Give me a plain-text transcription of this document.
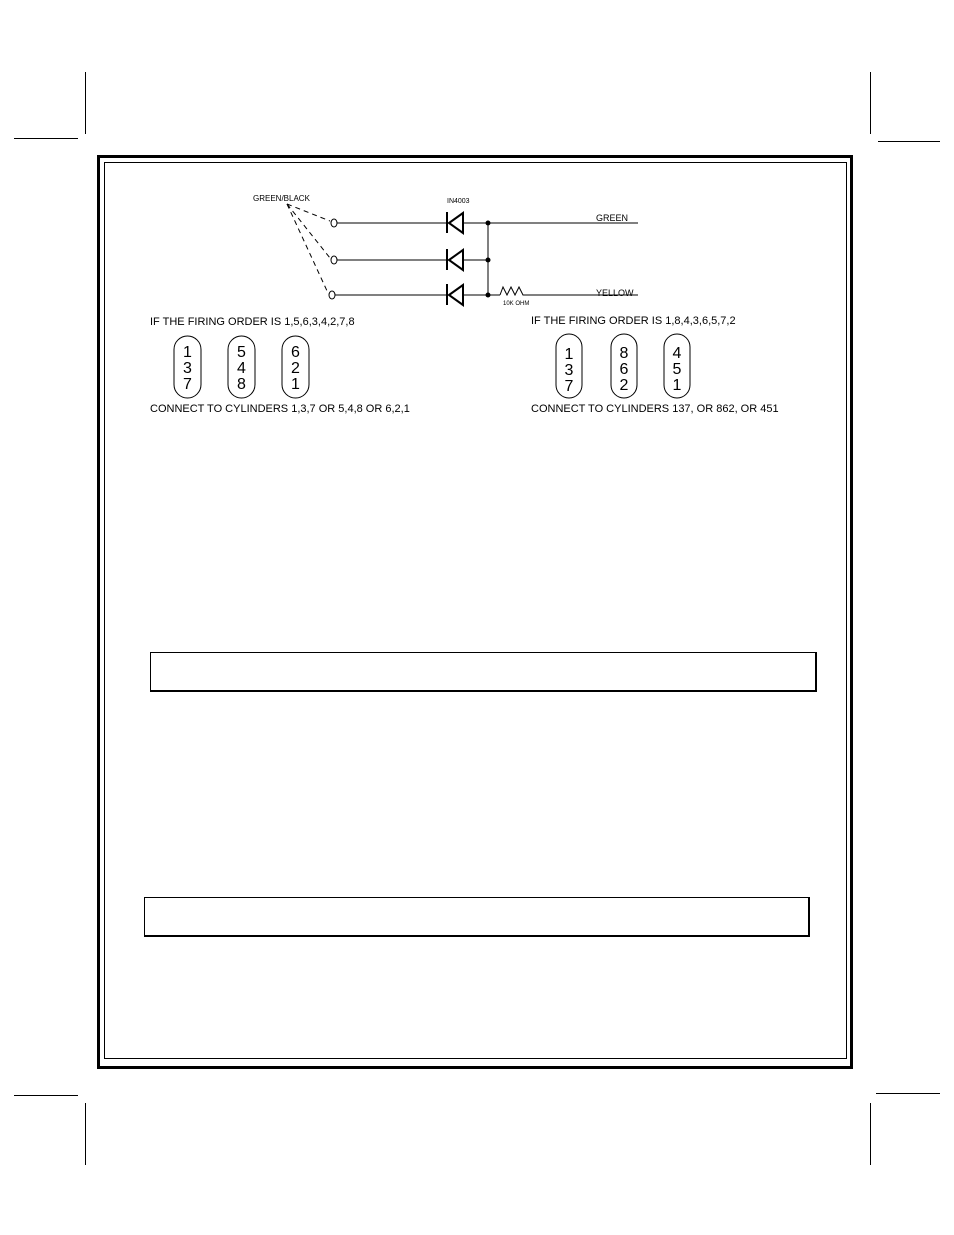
GREEN/BLACK	IN4003
GREEN
YELLOW
10K OHM
IF THE FIRING ORDER IS 1,5,6,3,4,2,7,8
1
3
7
5
4
8
6
2
1
CONNECT TO CYLINDERS 1,3,7 OR 5,4,8 OR 6,2,1
IF THE FIRING ORDER IS 1,8,4,3,6,5,7,2
1
3
7
8
6
2
4
5
1
CONNECT TO CYLINDERS 137, OR 862, OR 451
